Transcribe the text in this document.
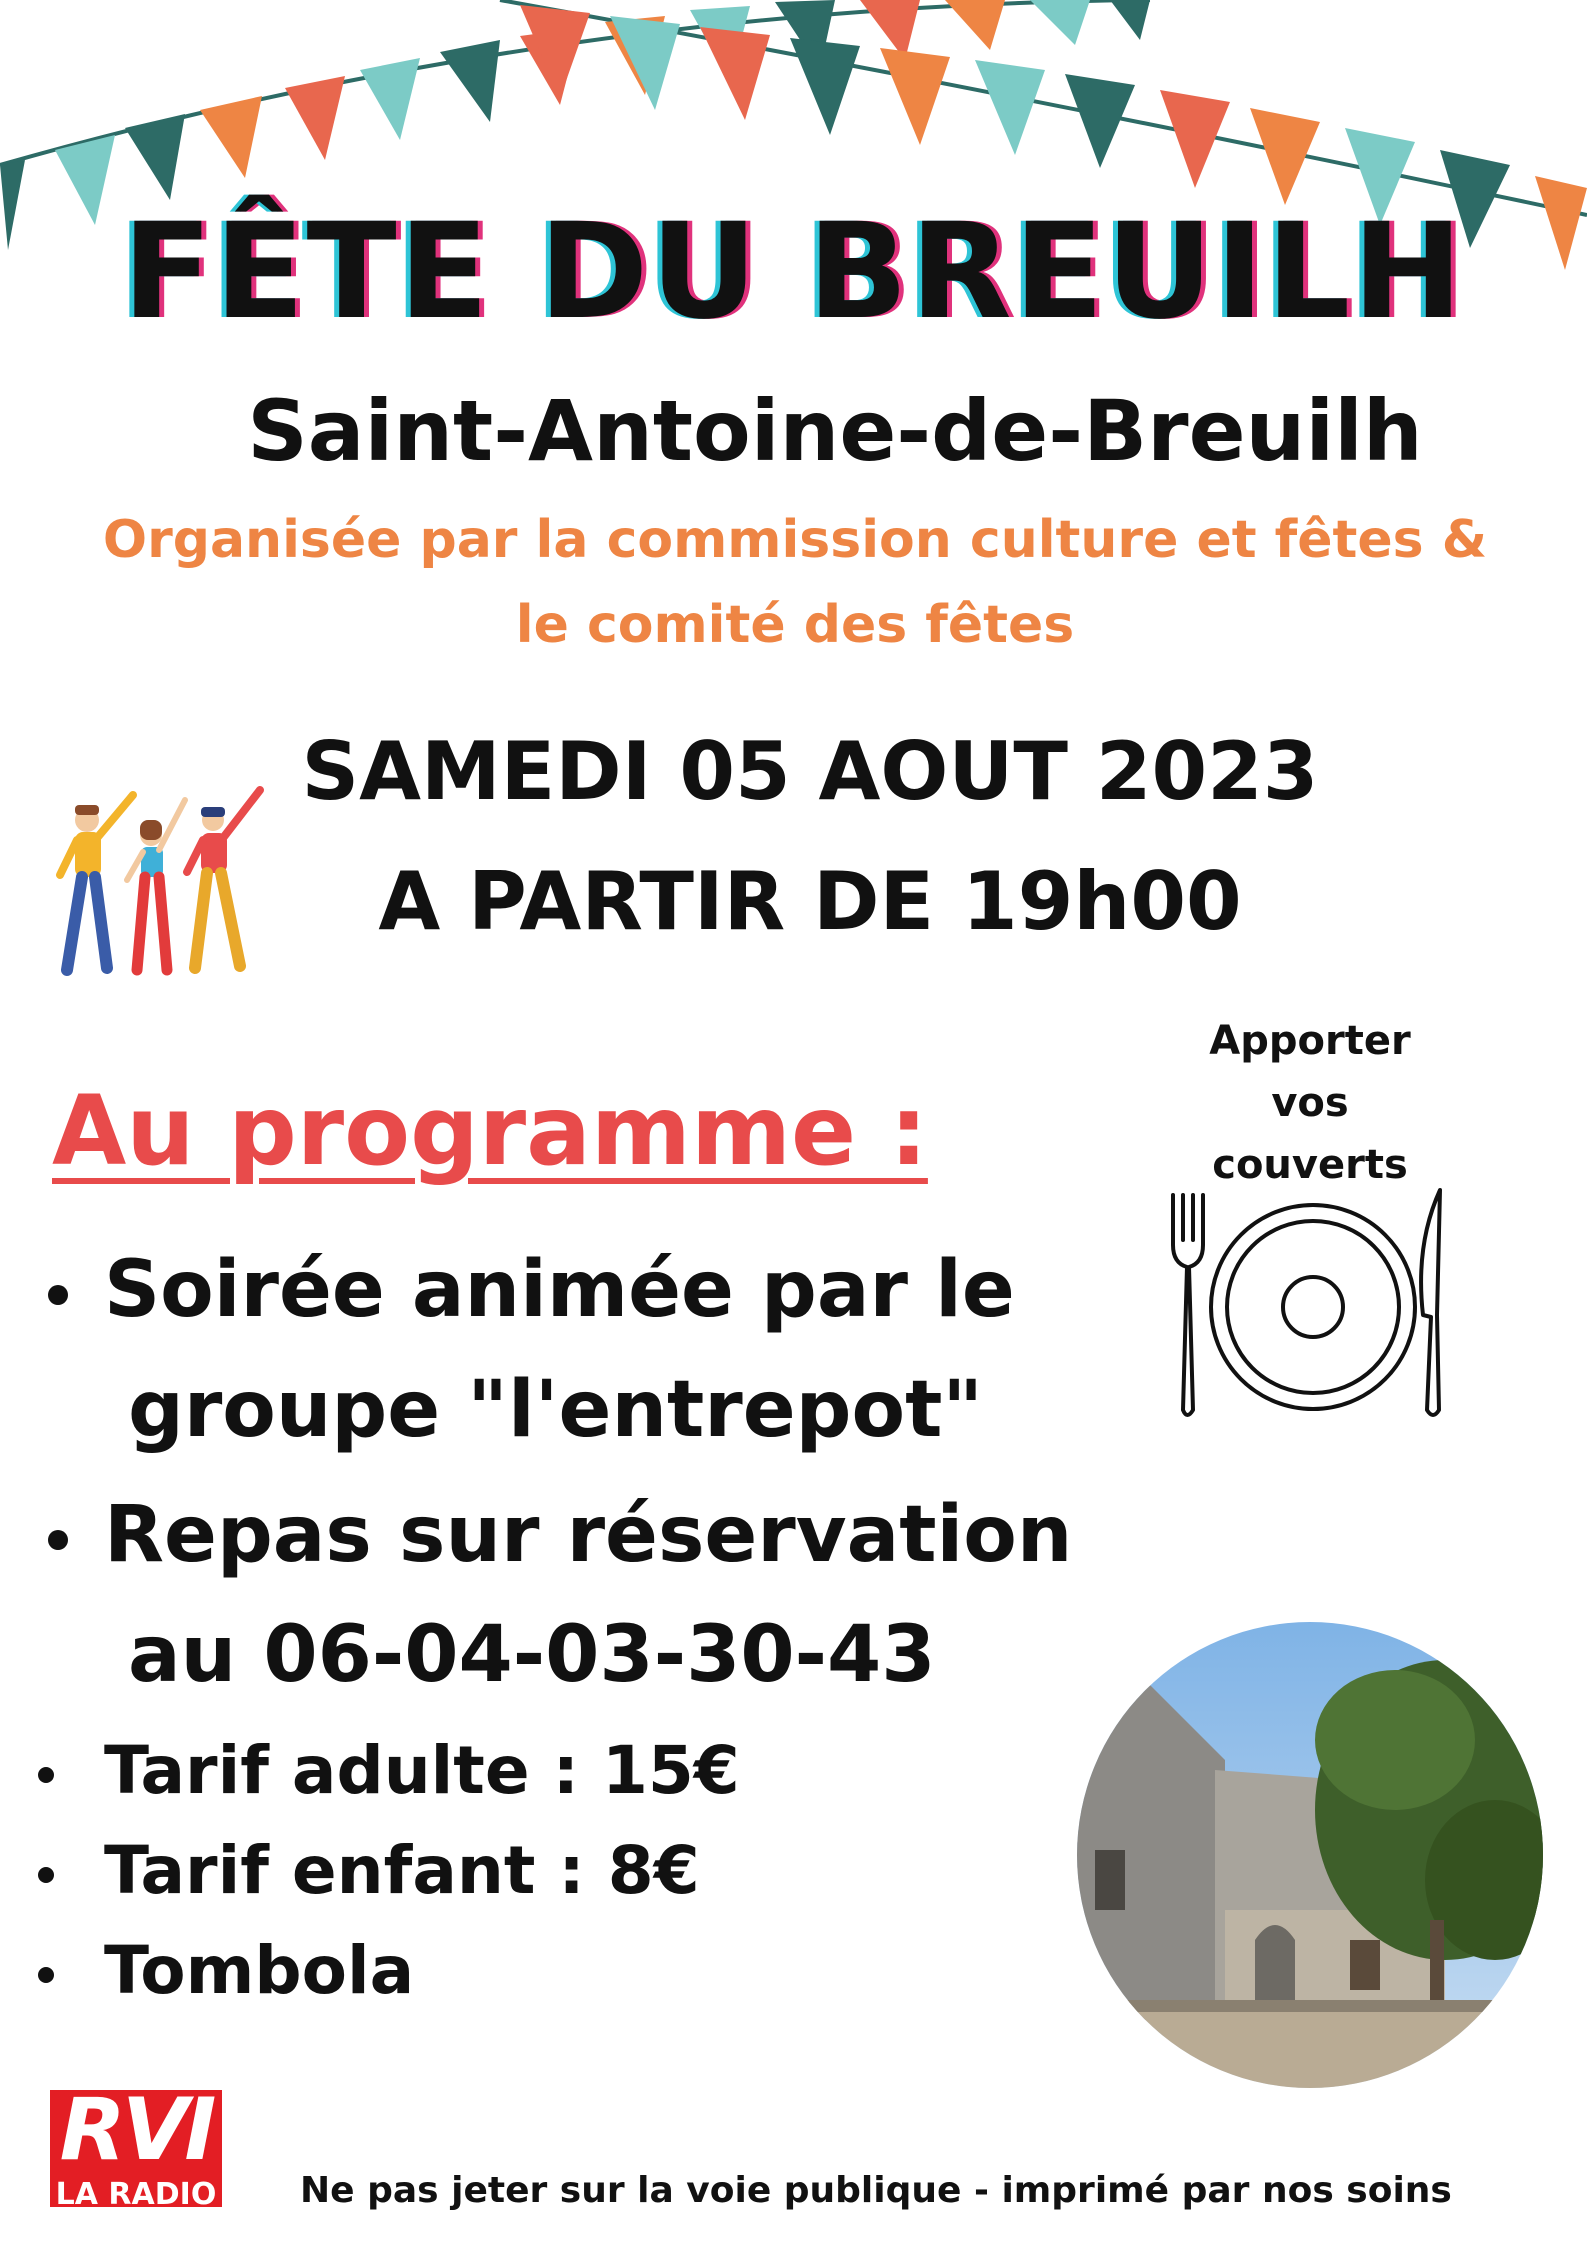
FÊTE DU BREUILH
Saint-Antoine-de-Breuilh
Organisée par la commission culture et fêtes &
le comité des fêtes
SAMEDI 05 AOUT 2023
A PARTIR DE 19h00
Au programme :
Soirée animée par le
groupe "l'entrepot"
Repas sur réservation
au 06-04-03-30-43
Tarif adulte : 15€
Tarif enfant : 8€
Tombola
Apporter
vos
couverts
RVI
LA RADIO Ne pas jeter sur la voie publique - imprimé par nos soins
